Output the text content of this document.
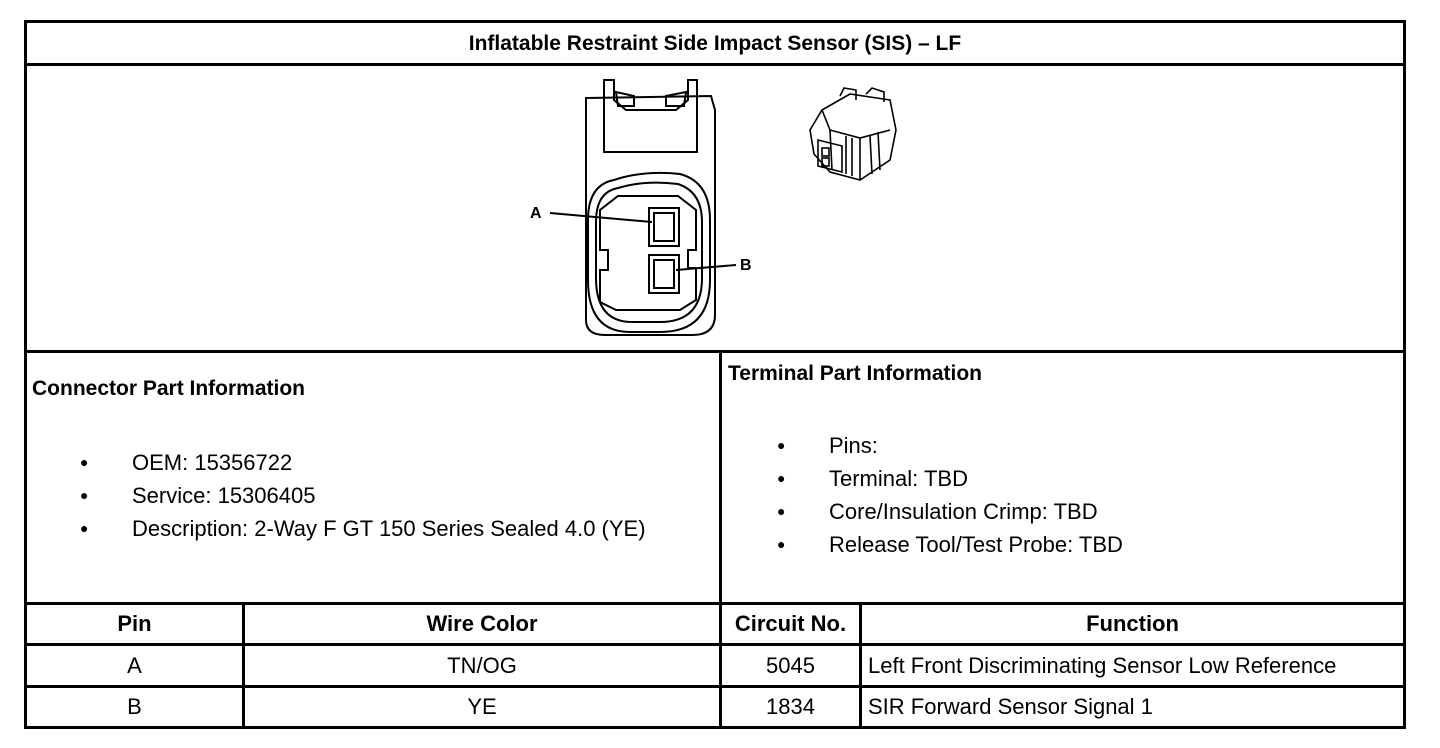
Inflatable Restraint Side Impact Sensor (SIS) – LF
A
B
Connector Part Information
● OEM: 15356722
● Service: 15306405
● Description: 2-Way F GT 150 Series Sealed 4.0 (YE)
Terminal Part Information
● Pins:
● Terminal: TBD
● Core/Insulation Crimp: TBD
● Release Tool/Test Probe: TBD
Pin	Wire Color	Circuit No.	Function
A	TN/OG	5045	Left Front Discriminating Sensor Low Reference
B	YE	1834	SIR Forward Sensor Signal 1
